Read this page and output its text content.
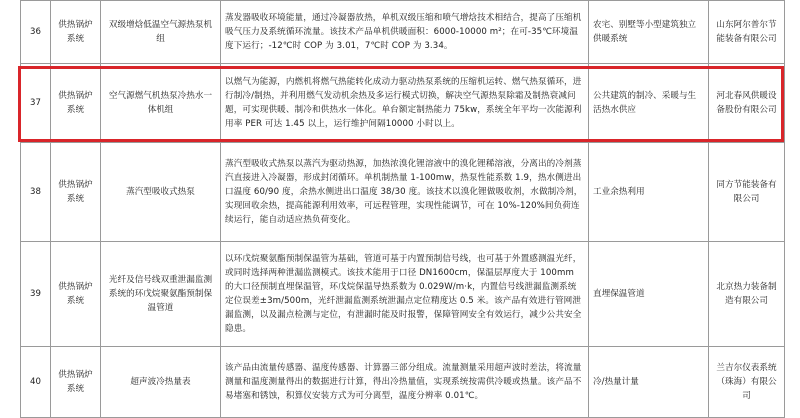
36	供热锅炉系统	双级增焓低温空气源热泵机组	蒸发器吸收环境能量，通过冷凝器放热，单机双级压缩和喷气增焓技术相结合，提高了压缩机吸气压力及系统循环流量。该技术产品单机供暖面积：6000-10000 m²；在可-35℃环境温度下运行；-12℃时 COP 为 3.01，7℃时 COP 为 3.34。	农宅、别墅等小型建筑独立供暖系统	山东阿尔普尔节能装备有限公司
37	供热锅炉系统	空气源燃气机热泵冷热水一体机组	以燃气为能源，内燃机将燃气热能转化成动力驱动热泵系统的压缩机运转、燃气热泵循环，进行制冷/制热，并利用燃气发动机余热及多运行模式切换，解决空气源热泵除霜及制热衰减问题，可实现供暖、制冷和供热水一体化。单台额定制热能力 75kw，系统全年平均一次能源利用率 PER 可达 1.45 以上，运行维护间隔10000 小时以上。	公共建筑的制冷、采暖与生活热水供应	河北春风供暖设备股份有限公司
38	供热锅炉系统	蒸汽型吸收式热泵	蒸汽型吸收式热泵以蒸汽为驱动热源，加热浓溴化锂溶液中的溴化锂稀溶液，分离出的冷剂蒸汽直接进入冷凝器，形成封闭循环。单机制热量 1-100mw，热泵性能系数 1.9，热水侧进出口温度 60/90 度，余热水侧进出口温度 38/30 度。该技术以溴化锂做吸收剂，水做制冷剂，实现回收余热，提高能源利用效率，可远程管理，实现性能调节，可在 10%-120%间负荷连续运行，能自动适应热负荷变化。	工业余热利用	同方节能装备有限公司
39	供热锅炉系统	光纤及信号线双重泄漏监测系统的环戊烷聚氨酯预制保温管道	以环戊烷聚氨酯预制保温管为基础，管道可基于内置预制信号线，也可基于外置感测温光纤，或同时选择两种泄漏监测模式。该技术能用于口径 DN1600cm，保温层厚度大于 100mm 的大口径预制直埋保温管，环戊烷保温导热系数为 0.029W/m·k，内置信号线泄漏监测系统定位误差±3m/500m，光纤泄漏监测系统泄漏点定位精度达 0.5 米。该产品有效进行管网泄漏监测，以及漏点检测与定位，有泄漏时能及时报警，保障管网安全有效运行，减少公共安全隐患。	直埋保温管道	北京热力装备制造有限公司
40	供热锅炉系统	超声波冷热量表	该产品由流量传感器、温度传感器、计算器三部分组成。流量测量采用超声波时差法，将流量测量和温度测量得出的数据进行计算，得出冷热量值，实现系统按需供冷暖或热量。该产品不易堵塞和锈蚀，积算仪安装方式为可分离型，温度分辨率 0.01℃。	冷/热量计量	兰吉尔仪表系统（珠海）有限公司
